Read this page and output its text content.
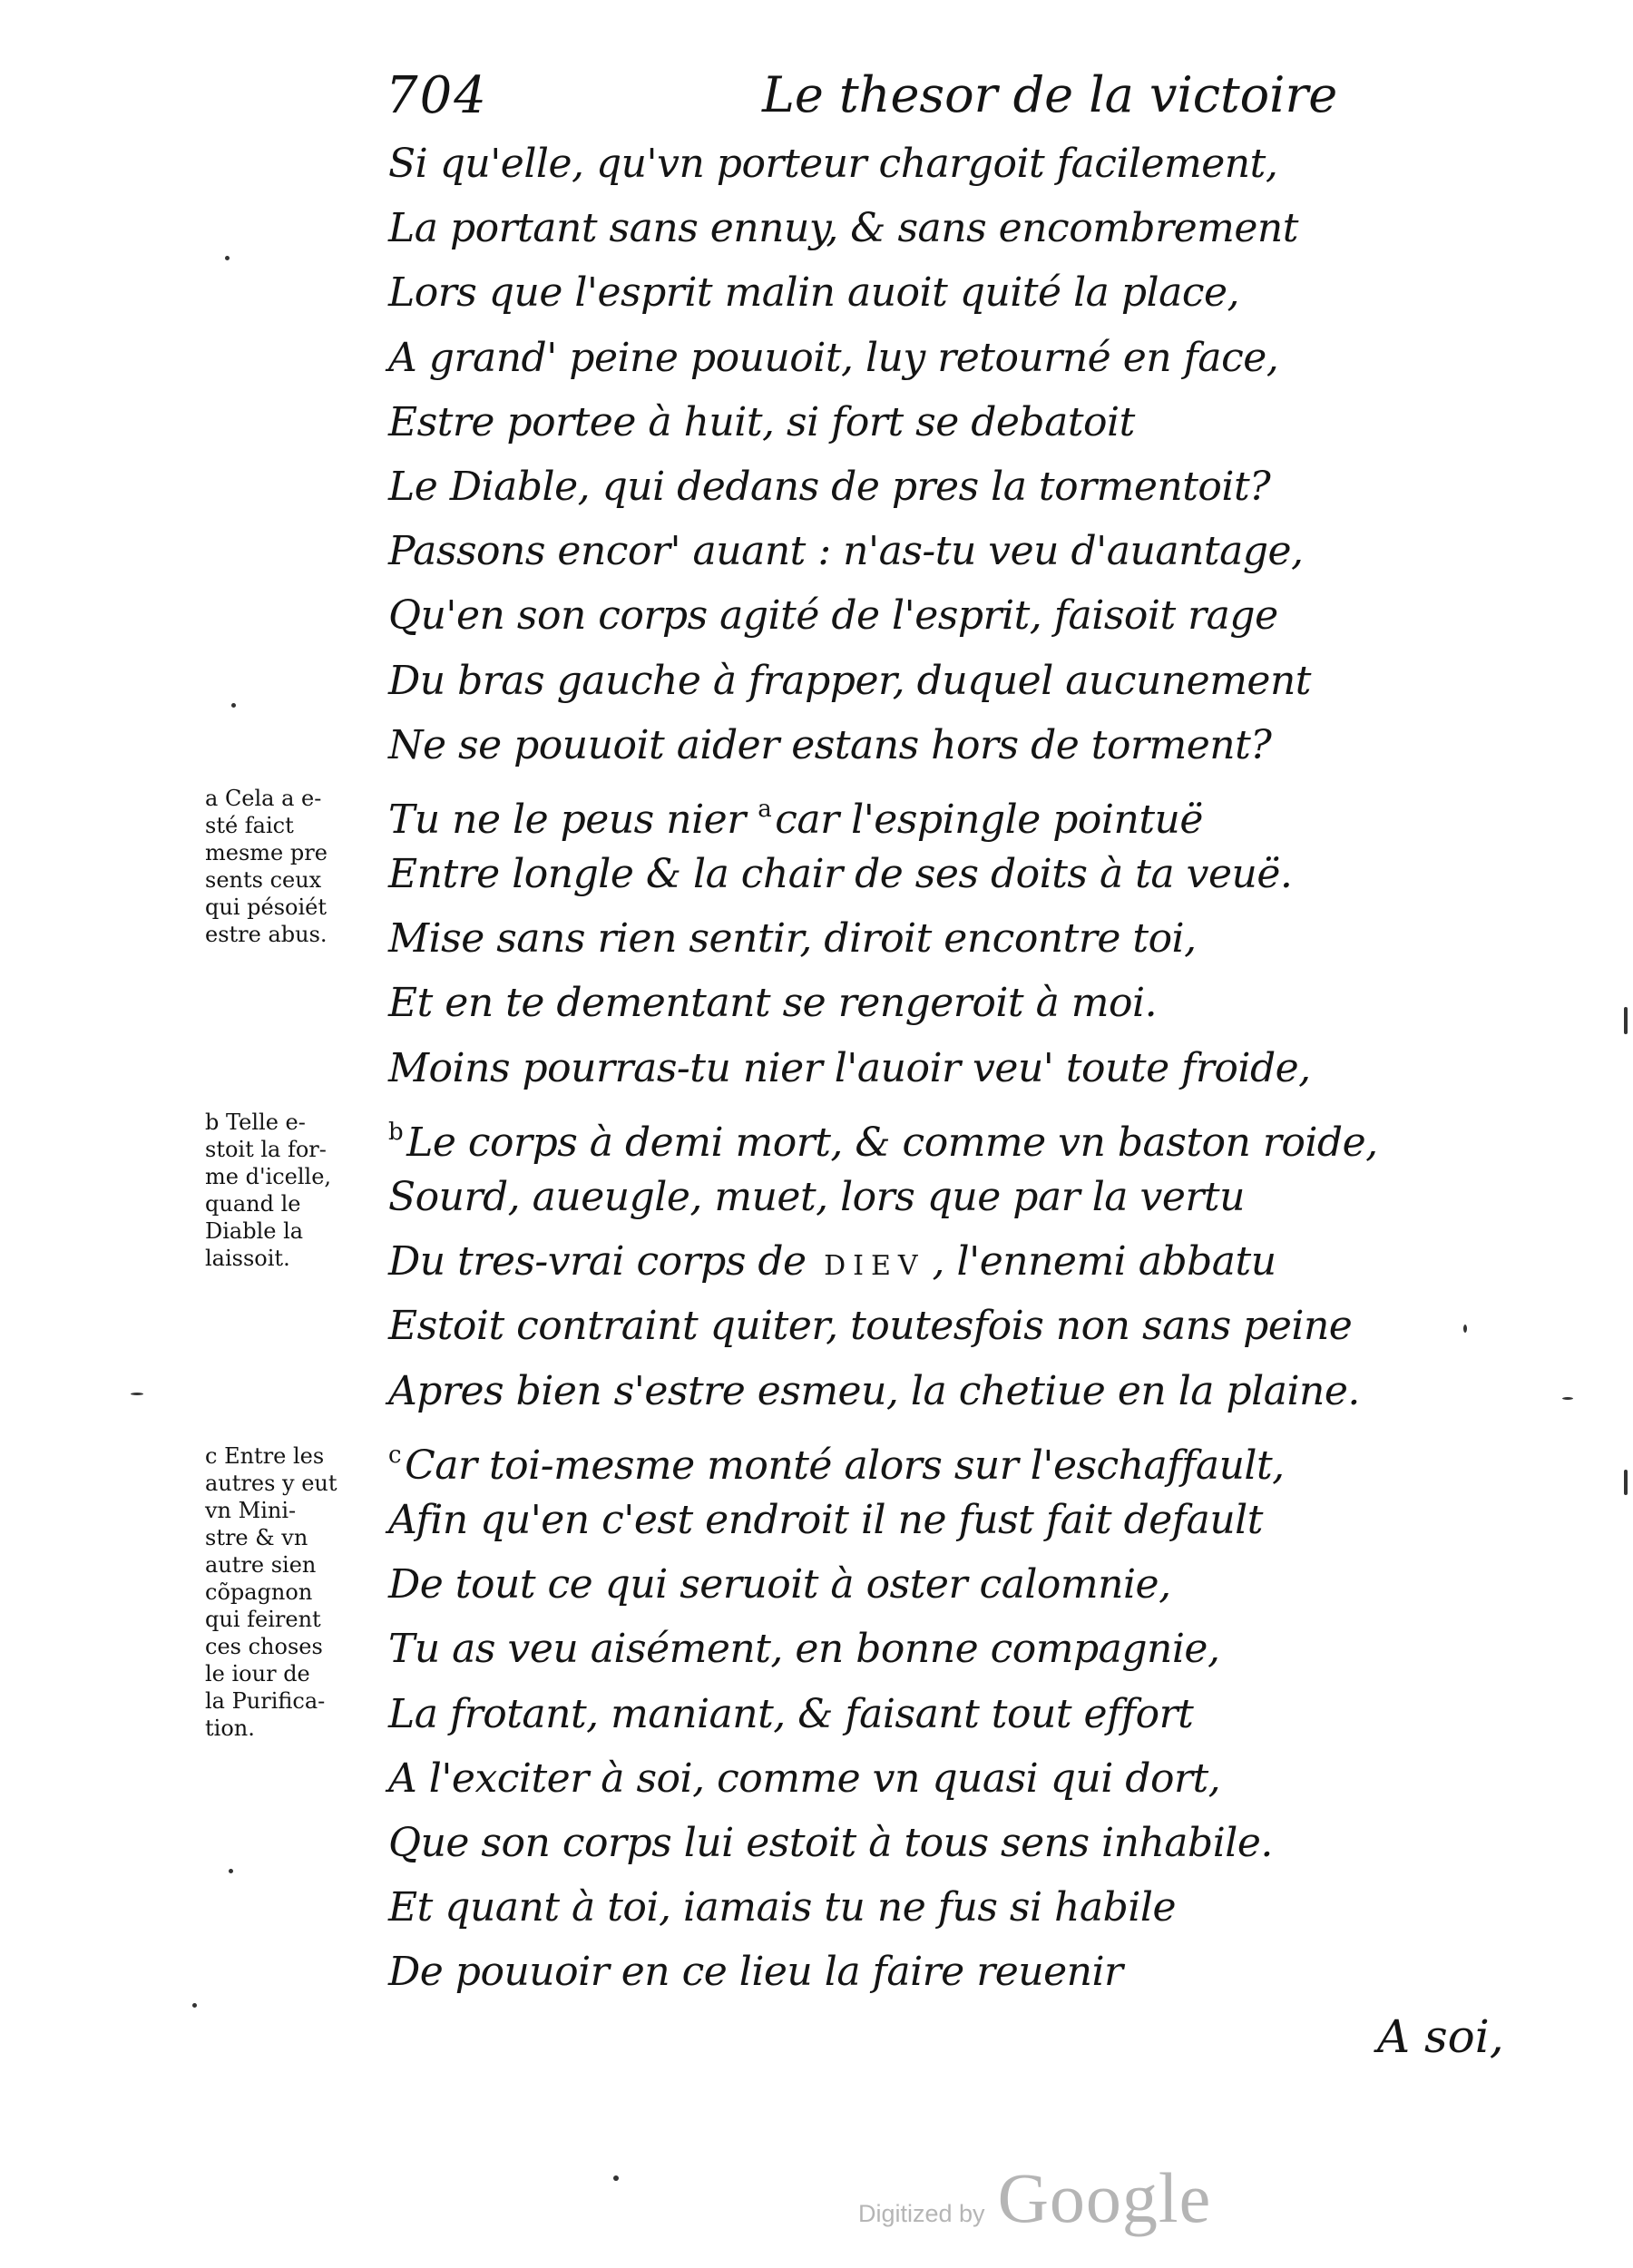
704	Le thesor de la victoire
Si qu'elle, qu'vn porteur chargoit facilement,
La portant sans ennuy, & sans encombrement
Lors que l'esprit malin auoit quité la place,
A grand' peine pouuoit, luy retourné en face,
Estre portee à huit, si fort se debatoit
Le Diable, qui dedans de pres la tormentoit?
Passons encor' auant : n'as-tu veu d'auantage,
Qu'en son corps agité de l'esprit, faisoit rage
Du bras gauche à frapper, duquel aucunement
Ne se pouuoit aider estans hors de torment?
Tu ne le peus nier $^a$car l'espingle pointuë
Entre longle & la chair de ses doits à ta veuë.
Mise sans rien sentir, diroit encontre toi,
Et en te dementant se rengeroit à moi.
Moins pourras-tu nier l'auoir veu' toute froide,
$^b$Le corps à demi mort, & comme vn baston roide,
Sourd, aueugle, muet, lors que par la vertu
Du tres-vrai corps de DIEV , l'ennemi abbatu
Estoit contraint quiter, toutesfois non sans peine
Apres bien s'estre esmeu, la chetiue en la plaine.
$^c$Car toi-mesme monté alors sur l'eschaffault,
Afin qu'en c'est endroit il ne fust fait default
De tout ce qui seruoit à oster calomnie,
Tu as veu aisément, en bonne compagnie,
La frotant, maniant, & faisant tout effort
A l'exciter à soi, comme vn quasi qui dort,
Que son corps lui estoit à tous sens inhabile.
Et quant à toi, iamais tu ne fus si habile
De pouuoir en ce lieu la faire reuenir
a Cela a e-
sté faict
mesme pre
sents ceux
qui pésoiét
estre abus.
b Telle e-
stoit la for-
me d'icelle,
quand le
Diable la
laissoit.
c Entre les
autres y eut
vn Mini-
stre & vn
autre sien
cõpagnon
qui feirent
ces choses
le iour de
la Purifica-
tion.
A soi,
Digitized by Google
